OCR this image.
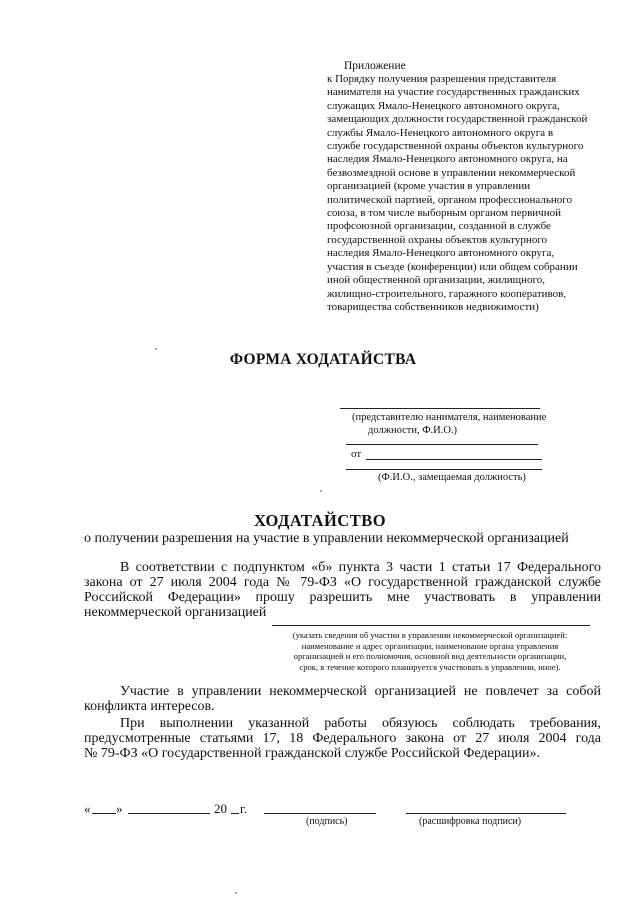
Приложение
к Порядку получения разрешения представителя
нанимателя на участие государственных гражданских
служащих Ямало-Ненецкого автономного округа,
замещающих должности государственной гражданской
службы Ямало-Ненецкого автономного округа в
службе государственной охраны объектов культурного
наследия Ямало-Ненецкого автономного округа, на
безвозмездной основе в управлении некоммерческой
организацией (кроме участия в управлении
политической партией, органом профессионального
союза, в том числе выборным органом первичной
профсоюзной организации, созданной в службе
государственной охраны объектов культурного
наследия Ямало-Ненецкого автономного округа,
участия в съезде (конференции) или общем собрании
иной общественной организации, жилищного,
жилищно-строительного, гаражного кооперативов,
товарищества собственников недвижимости)
ФОРМА ХОДАТАЙСТВА
(представителю нанимателя, наименование
должности, Ф.И.О.)
от
(Ф.И.О., замещаемая должность)
ХОДАТАЙСТВО
о получении разрешения на участие в управлении некоммерческой организацией
В соответствии с подпунктом «б» пункта 3 части 1 статьи 17 Федерального
закона от 27 июля 2004 года № 79-ФЗ «О государственной гражданской службе
Российской Федерации» прошу разрешить мне участвовать в управлении
некоммерческой организацией
(указать сведения об участии в управлении некоммерческой организацией:
наименование и адрес организации, наименование органа управления
организацией и его полномочия, основной вид деятельности организации,
срок, в течение которого планируется участвовать в управлении, иное).
Участие в управлении некоммерческой организацией не повлечет за собой
конфликта интересов.
При выполнении указанной работы обязуюсь соблюдать требования,
предусмотренные статьями 17, 18 Федерального закона от 27 июля 2004 года
№ 79-ФЗ «О государственной гражданской службе Российской Федерации».
« »	20 г.
(подпись)	(расшифровка подписи)
